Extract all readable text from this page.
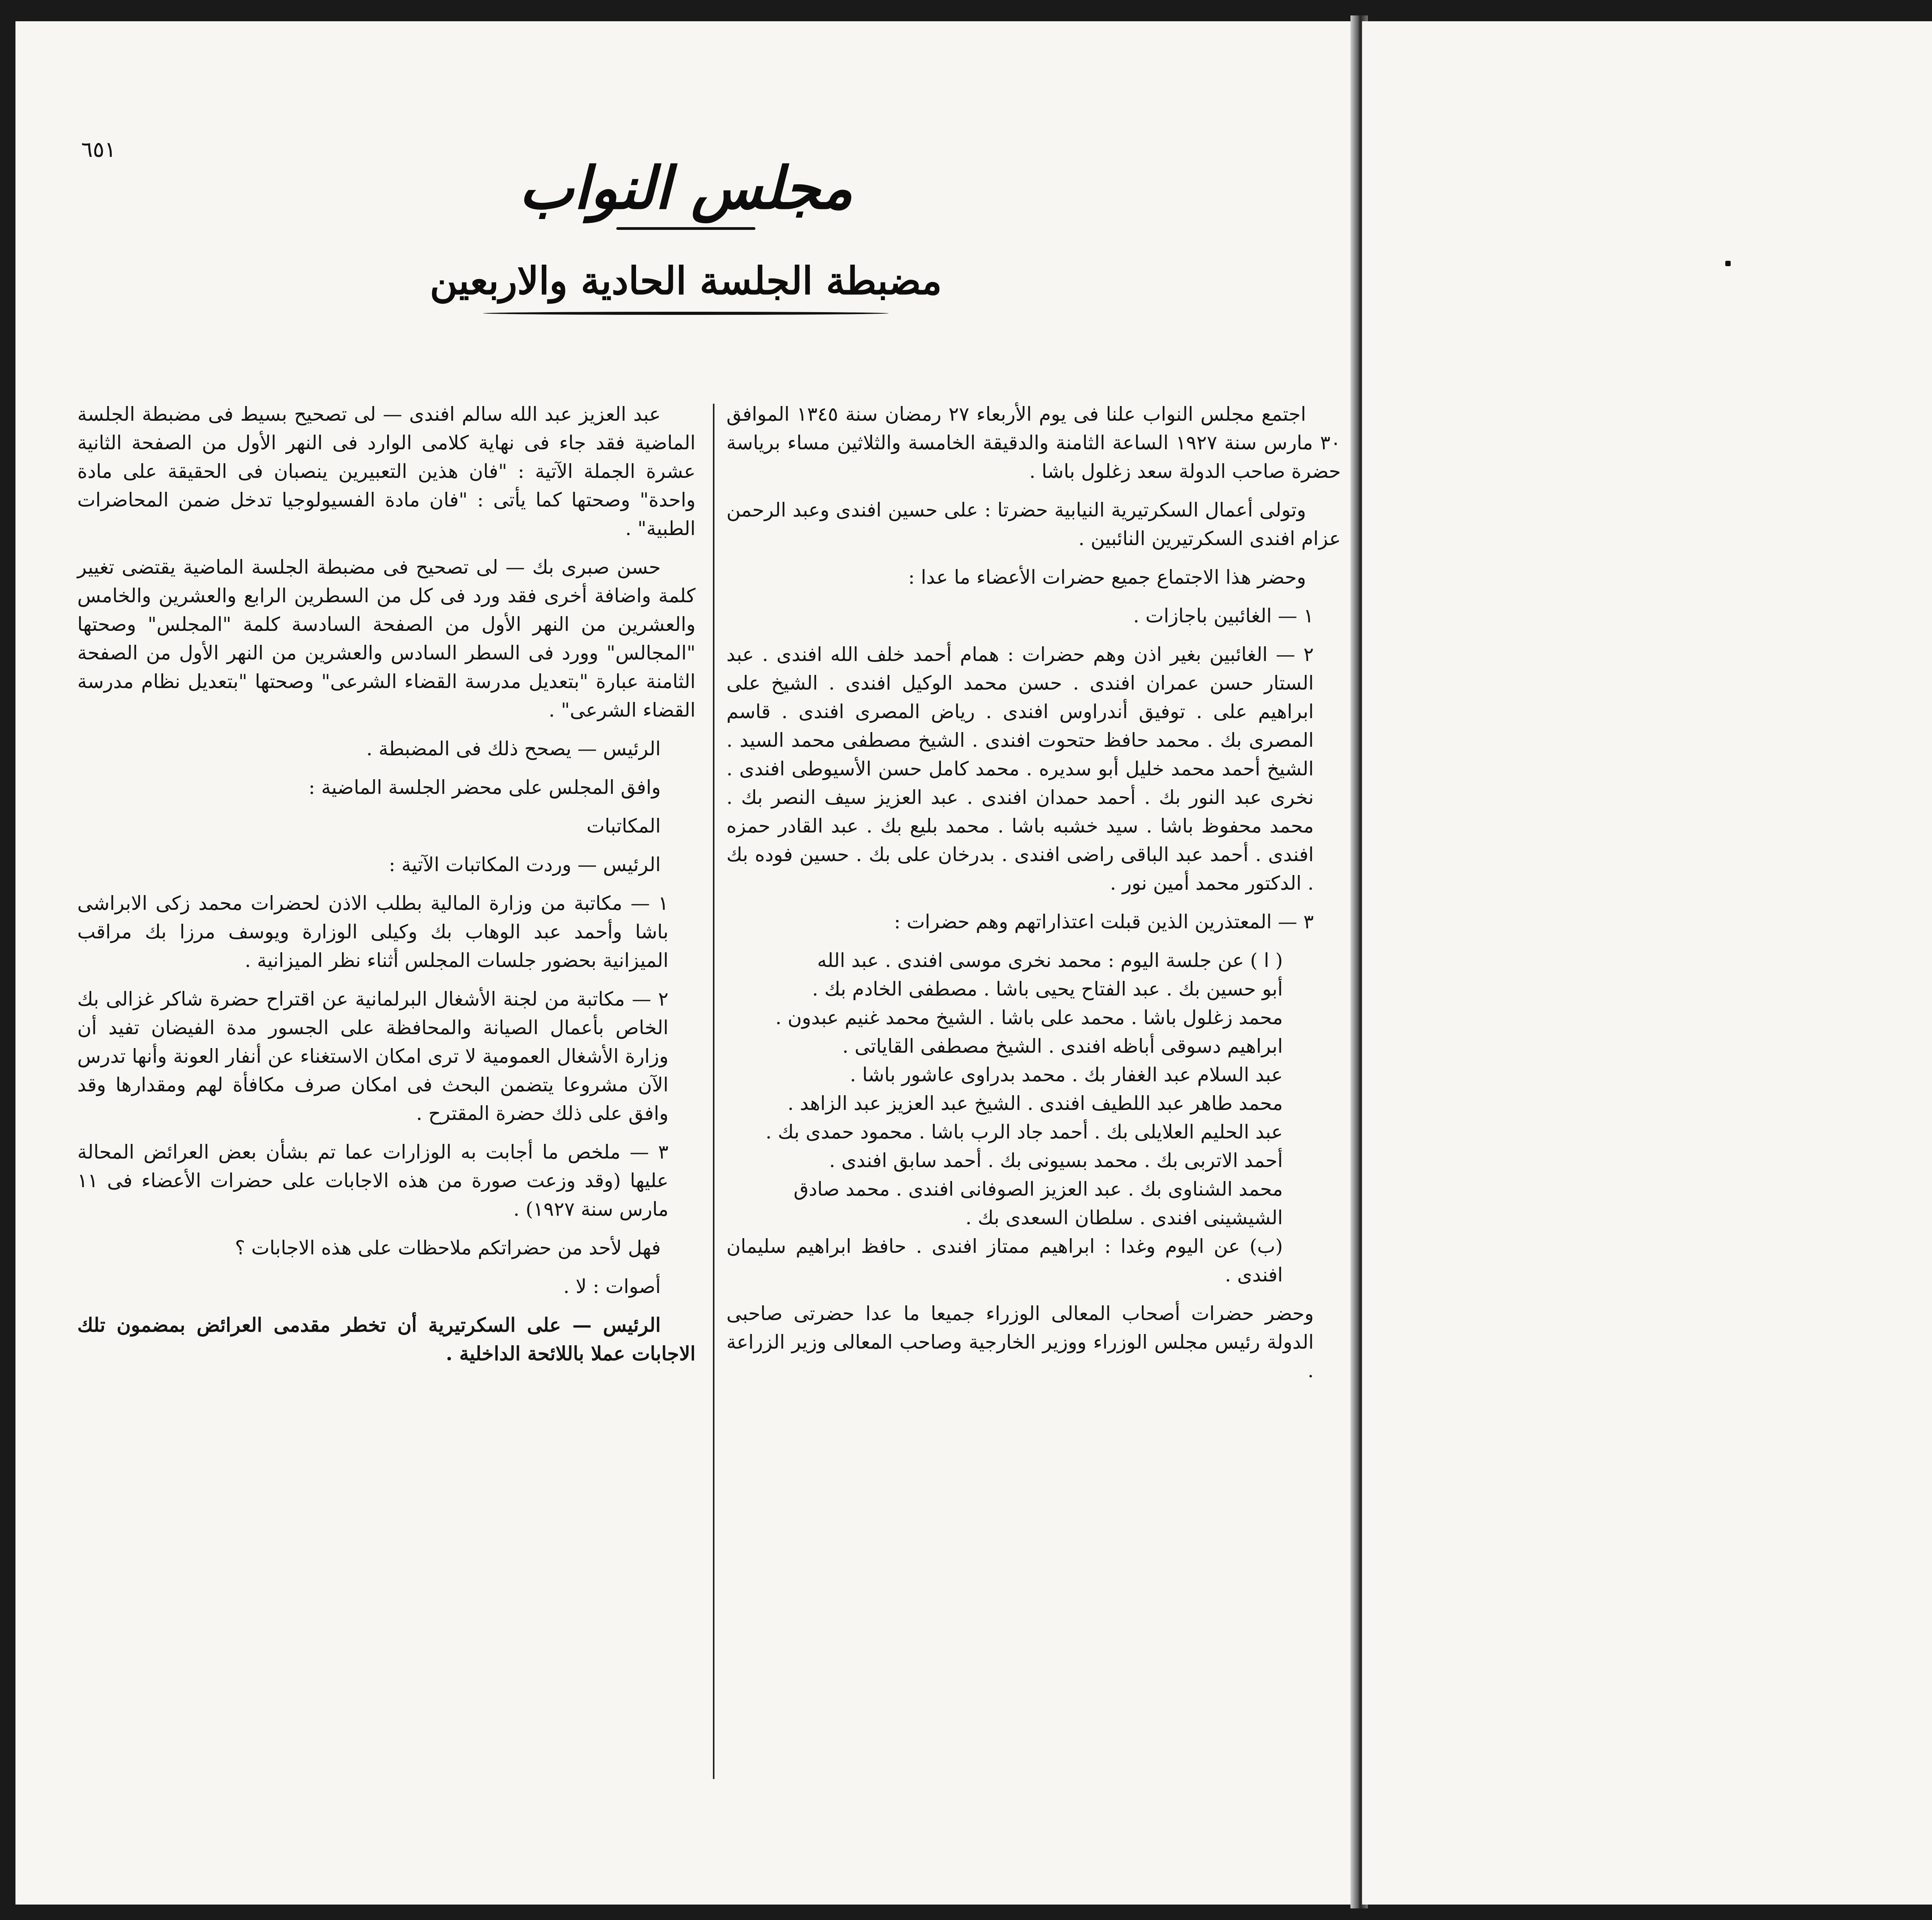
٦٥١
مجلس النواب
مضبطة الجلسة الحادية والاربعين

اجتمع مجلس النواب علنا فى يوم الأربعاء ٢٧ رمضان سنة ١٣٤٥ الموافق ٣٠ مارس سنة ١٩٢٧ الساعة الثامنة والدقيقة الخامسة والثلاثين مساء برياسة حضرة صاحب الدولة سعد زغلول باشا .

وتولى أعمال السكرتيرية النيابية حضرتا : على حسين افندى وعبد الرحمن عزام افندى السكرتيرين النائبين .

وحضر هذا الاجتماع جميع حضرات الأعضاء ما عدا :

١ — الغائبين باجازات .

٢ — الغائبين بغير اذن وهم حضرات : همام أحمد خلف الله افندى . عبد الستار حسن عمران افندى . حسن محمد الوكيل افندى . الشيخ على ابراهيم على . توفيق أندراوس افندى . رياض المصرى افندى . قاسم المصرى بك . محمد حافظ حتحوت افندى . الشيخ مصطفى محمد السيد . الشيخ أحمد محمد خليل أبو سديره . محمد كامل حسن الأسيوطى افندى . نخرى عبد النور بك . أحمد حمدان افندى . عبد العزيز سيف النصر بك . محمد محفوظ باشا . سيد خشبه باشا . محمد بليع بك . عبد القادر حمزه افندى . أحمد عبد الباقى راضى افندى . بدرخان على بك . حسين فوده بك . الدكتور محمد أمين نور .

٣ — المعتذرين الذين قبلت اعتذاراتهم وهم حضرات :

( ا ) عن جلسة اليوم : محمد نخرى موسى افندى . عبد الله

أبو حسين بك . عبد الفتاح يحيى باشا . مصطفى الخادم بك .

محمد زغلول باشا . محمد على باشا . الشيخ محمد غنيم عبدون .

ابراهيم دسوقى أباظه افندى . الشيخ مصطفى القاياتى .

عبد السلام عبد الغفار بك . محمد بدراوى عاشور باشا .

محمد طاهر عبد اللطيف افندى . الشيخ عبد العزيز عبد الزاهد .

عبد الحليم العلايلى بك . أحمد جاد الرب باشا . محمود حمدى بك .

أحمد الاتربى بك . محمد بسيونى بك . أحمد سابق افندى .

محمد الشناوى بك . عبد العزيز الصوفانى افندى . محمد صادق

الشيشينى افندى . سلطان السعدى بك .

(ب) عن اليوم وغدا : ابراهيم ممتاز افندى . حافظ ابراهيم سليمان افندى .

وحضر حضرات أصحاب المعالى الوزراء جميعا ما عدا حضرتى صاحبى الدولة رئيس مجلس الوزراء ووزير الخارجية وصاحب المعالى وزير الزراعة .

عبد العزيز عبد الله سالم افندى — لى تصحيح بسيط فى مضبطة الجلسة الماضية فقد جاء فى نهاية كلامى الوارد فى النهر الأول من الصفحة الثانية عشرة الجملة الآتية : "فان هذين التعبيرين ينصبان فى الحقيقة على مادة واحدة" وصحتها كما يأتى : "فان مادة الفسيولوجيا تدخل ضمن المحاضرات الطبية" .

حسن صبرى بك — لى تصحيح فى مضبطة الجلسة الماضية يقتضى تغيير كلمة واضافة أخرى فقد ورد فى كل من السطرين الرابع والعشرين والخامس والعشرين من النهر الأول من الصفحة السادسة كلمة "المجلس" وصحتها "المجالس" وورد فى السطر السادس والعشرين من النهر الأول من الصفحة الثامنة عبارة "بتعديل مدرسة القضاء الشرعى" وصحتها "بتعديل نظام مدرسة القضاء الشرعى" .

الرئيس — يصحح ذلك فى المضبطة .

وافق المجلس على محضر الجلسة الماضية :

المكاتبات

الرئيس — وردت المكاتبات الآتية :

١ — مكاتبة من وزارة المالية بطلب الاذن لحضرات محمد زكى الابراشى باشا وأحمد عبد الوهاب بك وكيلى الوزارة ويوسف مرزا بك مراقب الميزانية بحضور جلسات المجلس أثناء نظر الميزانية .

٢ — مكاتبة من لجنة الأشغال البرلمانية عن اقتراح حضرة شاكر غزالى بك الخاص بأعمال الصيانة والمحافظة على الجسور مدة الفيضان تفيد أن وزارة الأشغال العمومية لا ترى امكان الاستغناء عن أنفار العونة وأنها تدرس الآن مشروعا يتضمن البحث فى امكان صرف مكافأة لهم ومقدارها وقد وافق على ذلك حضرة المقترح .

٣ — ملخص ما أجابت به الوزارات عما تم بشأن بعض العرائض المحالة عليها (وقد وزعت صورة من هذه الاجابات على حضرات الأعضاء فى ١١ مارس سنة ١٩٢٧) .

فهل لأحد من حضراتكم ملاحظات على هذه الاجابات ؟

أصوات : لا .

الرئيس — على السكرتيرية أن تخطر مقدمى العرائض بمضمون تلك الاجابات عملا باللائحة الداخلية .
